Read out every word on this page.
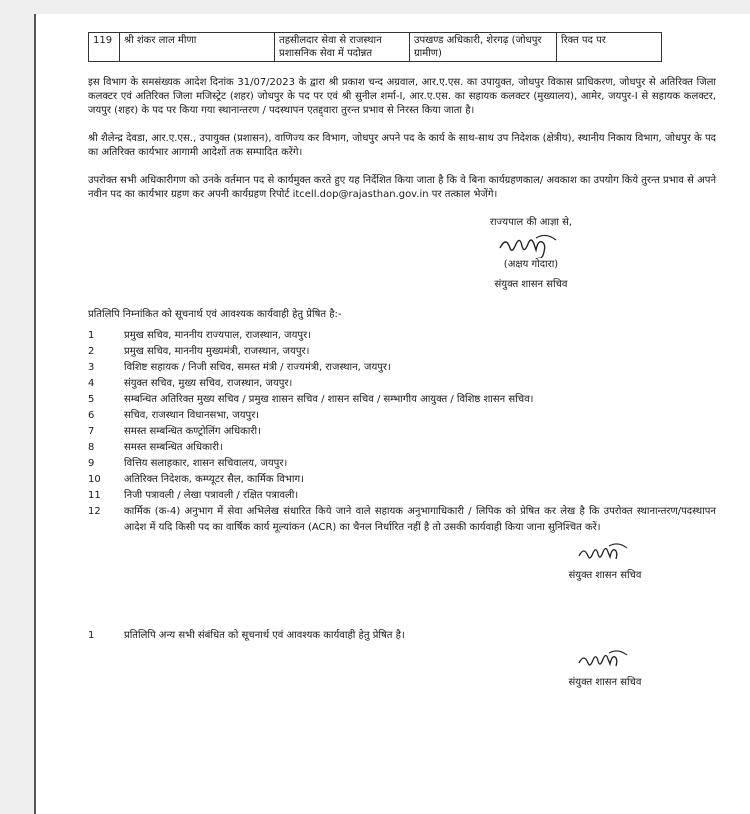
119	श्री शंकर लाल मीणा	तहसीलदार सेवा से राजस्थान प्रशासनिक सेवा में पदोन्नत	उपखण्ड अधिकारी, शेरगढ़ (जोधपुर ग्रामीण)	रिक्त पद पर

इस विभाग के समसंख्यक आदेश दिनांक 31/07/2023 के द्वारा श्री प्रकाश चन्द अग्रवाल, आर.ए.एस. का उपायुक्त, जोधपुर विकास प्राधिकरण, जोधपुर से अतिरिक्त जिला कलक्टर एवं अतिरिक्त जिला मजिस्ट्रेट (शहर) जोधपुर के पद पर एवं श्री सुनील शर्मा-I, आर.ए.एस. का सहायक कलक्टर (मुख्यालय), आमेर, जयपुर-I से सहायक कलक्टर, जयपुर (शहर) के पद पर किया गया स्थानान्तरण / पदस्थापन एतद्द्वारा तुरन्त प्रभाव से निरस्त किया जाता है।

श्री शैलेन्द्र देवडा, आर.ए.एस., उपायुक्त (प्रशासन), वाणिज्य कर विभाग, जोधपुर अपने पद के कार्य के साथ-साथ उप निदेशक (क्षेत्रीय), स्थानीय निकाय विभाग, जोधपुर के पद का अतिरिक्त कार्यभार आगामी आदेशों तक सम्पादित करेंगे।

उपरोक्त सभी अधिकारीगण को उनके वर्तमान पद से कार्यमुक्त करते हुए यह निर्देशित किया जाता है कि वे बिना कार्यग्रहणकाल/ अवकाश का उपयोग किये तुरन्त प्रभाव से अपने नवीन पद का कार्यभार ग्रहण कर अपनी कार्यग्रहण रिपोर्ट itcell.dop@rajasthan.gov.in पर तत्काल भेजेंगे।

राज्यपाल की आज्ञा से,
(अक्षय गोदारा)
संयुक्त शासन सचिव
प्रतिलिपि निम्नांकित को सूचनार्थ एवं आवश्यक कार्यवाही हेतु प्रेषित है:-
1	प्रमुख सचिव, माननीय राज्यपाल, राजस्थान, जयपुर।
2	प्रमुख सचिव, माननीय मुख्यमंत्री, राजस्थान, जयपुर।
3	विशिष्ट सहायक / निजी सचिव, समस्त मंत्री / राज्यमंत्री, राजस्थान, जयपुर।
4	संयुक्त सचिव, मुख्य सचिव, राजस्थान, जयपुर।
5	सम्बन्धित अतिरिक्त मुख्य सचिव / प्रमुख शासन सचिव / शासन सचिव / सम्भागीय आयुक्त / विशिष्ठ शासन सचिव।
6	सचिव, राजस्थान विधानसभा, जयपुर।
7	समस्त सम्बन्धित कण्ट्रोलिंग अधिकारी।
8	समस्त सम्बन्धित अधिकारी।
9	वित्तिय सलाहकार, शासन सचिवालय, जयपुर।
10	अतिरिक्त निदेशक, कम्प्यूटर सैल, कार्मिक विभाग।
11	निजी पत्रावली / लेखा पत्रावली / रक्षित पत्रावली।
12	कार्मिक (क-4) अनुभाग में सेवा अभिलेख संधारित किये जाने वाले सहायक अनुभागाधिकारी / लिपिक को प्रेषित कर लेख है कि उपरोक्त स्थानान्तरण/पदस्थापन आदेश में यदि किसी पद का वार्षिक कार्य मूल्यांकन (ACR) का चैनल निर्धारित नहीं है तो उसकी कार्यवाही किया जाना सुनिश्चित करें।
संयुक्त शासन सचिव
1	प्रतिलिपि अन्य सभी संबंधित को सूचनार्थ एवं आवश्यक कार्यवाही हेतु प्रेषित है।
संयुक्त शासन सचिव
